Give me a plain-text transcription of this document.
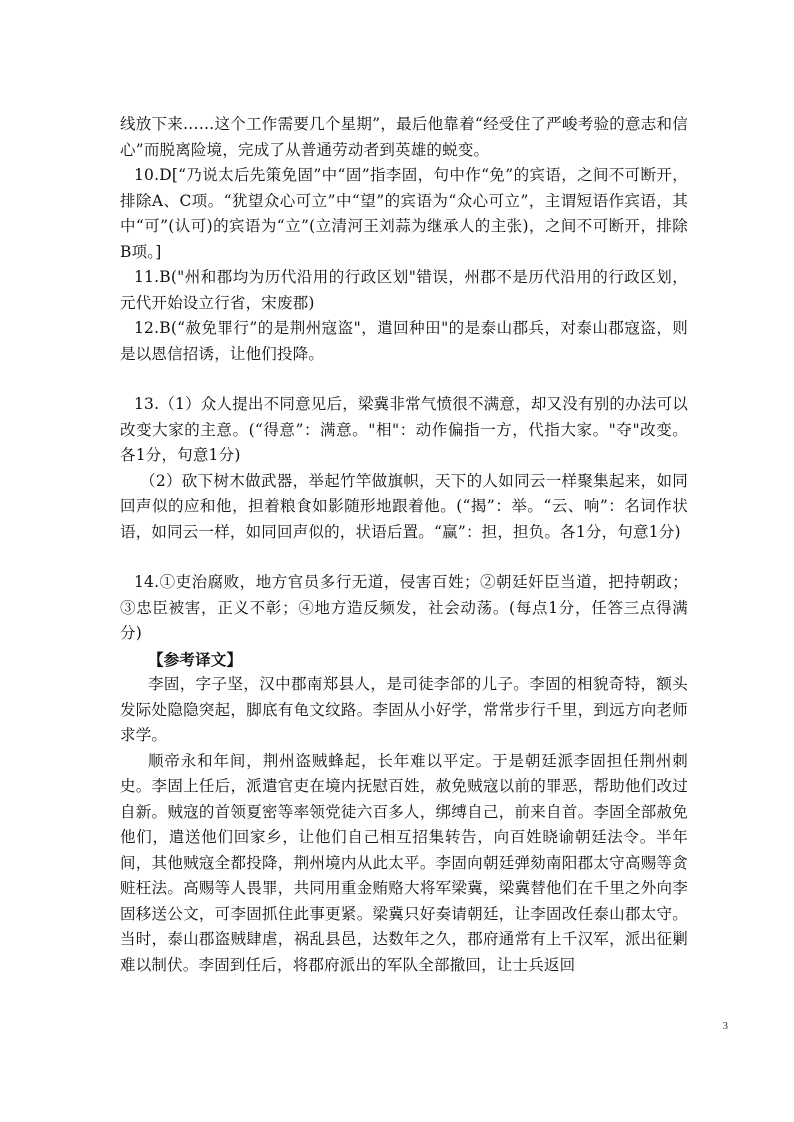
线放下来……这个工作需要几个星期”，最后他靠着“经受住了严峻考验的意志和信心”而脱离险境，完成了从普通劳动者到英雄的蜕变。

10.D[“乃说太后先策免固”中“固”指李固，句中作“免”的宾语，之间不可断开，排除A、C项。“犹望众心可立”中“望”的宾语为“众心可立”，主谓短语作宾语，其中“可”(认可)的宾语为“立”(立清河王刘蒜为继承人的主张)，之间不可断开，排除B项。]

11.B("州和郡均为历代沿用的行政区划"错误，州郡不是历代沿用的行政区划，元代开始设立行省，宋废郡)

12.B(“赦免罪行”的是荆州寇盗"，遣回种田"的是泰山郡兵，对泰山郡寇盗，则是以恩信招诱，让他们投降。

13.（1）众人提出不同意见后，梁冀非常气愤很不满意，却又没有别的办法可以改变大家的主意。(“得意”：满意。"相"：动作偏指一方，代指大家。"夺"改变。各1分，句意1分)

（2）砍下树木做武器，举起竹竿做旗帜，天下的人如同云一样聚集起来，如同回声似的应和他，担着粮食如影随形地跟着他。(“揭”：举。“云、响”：名词作状语，如同云一样，如同回声似的，状语后置。“赢”：担，担负。各1分，句意1分)

14.①吏治腐败，地方官员多行无道，侵害百姓；②朝廷奸臣当道，把持朝政；③忠臣被害，正义不彰；④地方造反频发，社会动荡。(每点1分，任答三点得满分)

【参考译文】

李固，字子坚，汉中郡南郑县人，是司徒李郃的儿子。李固的相貌奇特，额头发际处隐隐突起，脚底有龟文纹路。李固从小好学，常常步行千里，到远方向老师求学。

顺帝永和年间，荆州盗贼蜂起，长年难以平定。于是朝廷派李固担任荆州刺史。李固上任后，派遣官吏在境内抚慰百姓，赦免贼寇以前的罪恶，帮助他们改过自新。贼寇的首领夏密等率领党徒六百多人，绑缚自己，前来自首。李固全部赦免他们，遣送他们回家乡，让他们自己相互招集转告，向百姓晓谕朝廷法令。半年间，其他贼寇全都投降，荆州境内从此太平。李固向朝廷弹劾南阳郡太守高赐等贪赃枉法。高赐等人畏罪，共同用重金贿赂大将军梁冀，梁冀替他们在千里之外向李固移送公文，可李固抓住此事更紧。梁冀只好奏请朝廷，让李固改任泰山郡太守。当时，泰山郡盗贼肆虐，祸乱县邑，达数年之久，郡府通常有上千汉军，派出征剿难以制伏。李固到任后，将郡府派出的军队全部撤回，让士兵返回

3
